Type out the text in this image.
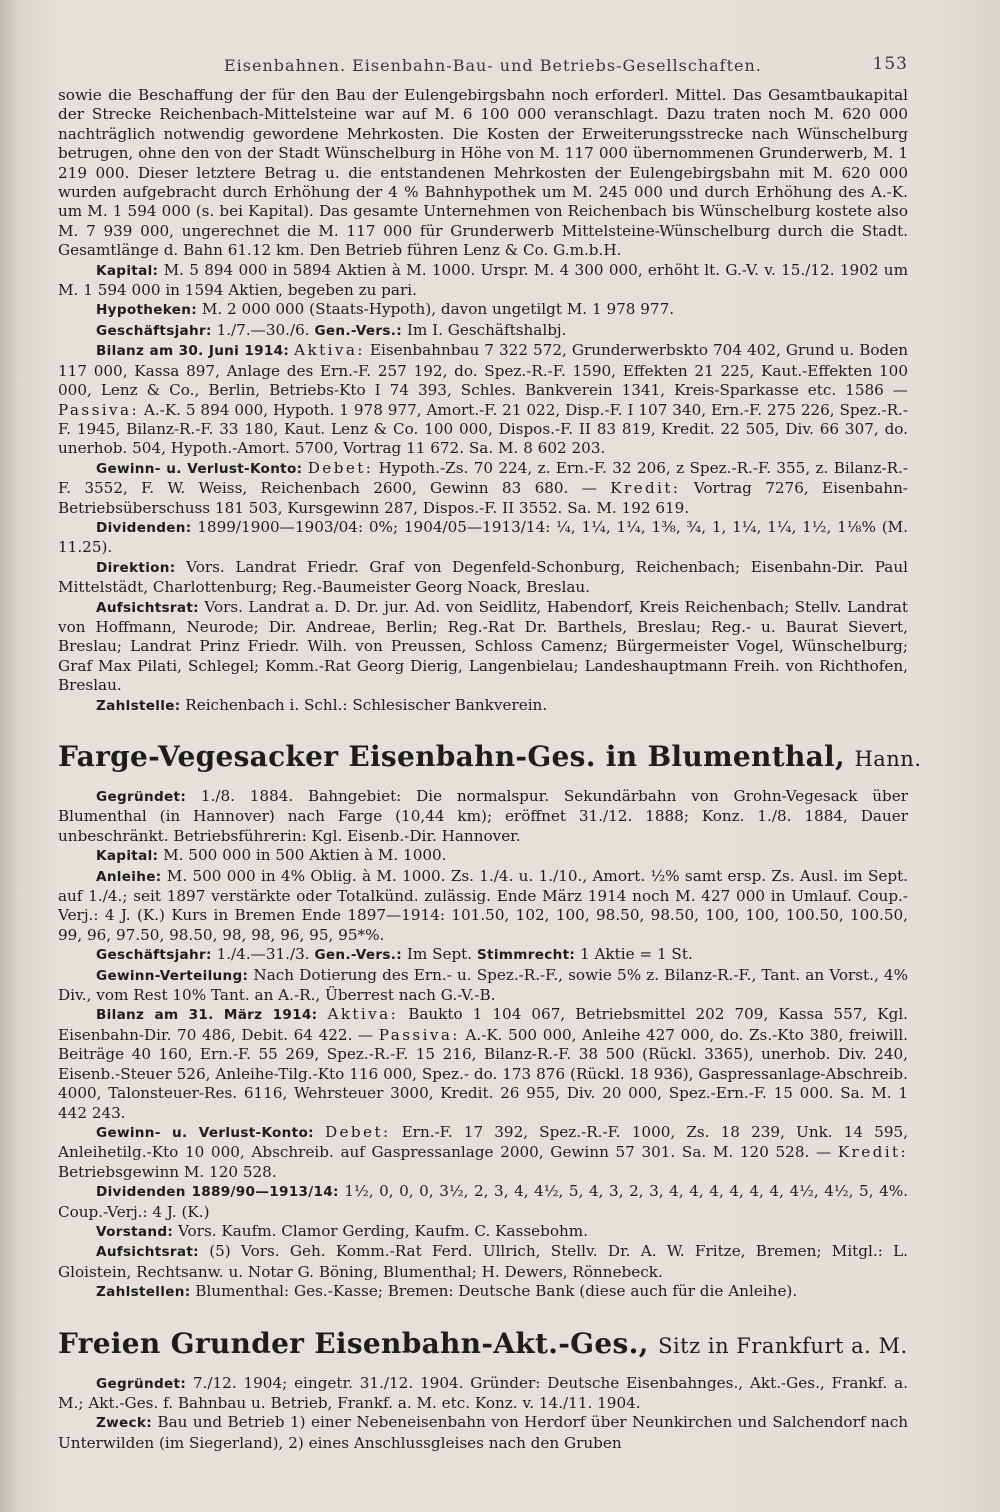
Eisenbahnen. Eisenbahn-Bau- und Betriebs-Gesellschaften.	153

sowie die Beschaffung der für den Bau der Eulengebirgsbahn noch erforderl. Mittel. Das Gesamtbaukapital der Strecke Reichenbach-Mittelsteine war auf M. 6 100 000 veranschlagt. Dazu traten noch M. 620 000 nachträglich notwendig gewordene Mehrkosten. Die Kosten der Erweiterungsstrecke nach Wünschelburg betrugen, ohne den von der Stadt Wünschelburg in Höhe von M. 117 000 übernommenen Grunderwerb, M. 1 219 000. Dieser letztere Betrag u. die entstandenen Mehrkosten der Eulengebirgsbahn mit M. 620 000 wurden aufgebracht durch Erhöhung der 4 % Bahnhypothek um M. 245 000 und durch Erhöhung des A.-K. um M. 1 594 000 (s. bei Kapital). Das gesamte Unternehmen von Reichenbach bis Wünschelburg kostete also M. 7 939 000, ungerechnet die M. 117 000 für Grunderwerb Mittelsteine-Wünschelburg durch die Stadt. Gesamtlänge d. Bahn 61.12 km. Den Betrieb führen Lenz & Co. G.m.b.H.

Kapital: M. 5 894 000 in 5894 Aktien à M. 1000. Urspr. M. 4 300 000, erhöht lt. G.-V. v. 15./12. 1902 um M. 1 594 000 in 1594 Aktien, begeben zu pari.

Hypotheken: M. 2 000 000 (Staats-Hypoth), davon ungetilgt M. 1 978 977.

Geschäftsjahr: 1./7.—30./6. Gen.-Vers.: Im I. Geschäftshalbj.

Bilanz am 30. Juni 1914: Aktiva: Eisenbahnbau 7 322 572, Grunderwerbskto 704 402, Grund u. Boden 117 000, Kassa 897, Anlage des Ern.-F. 257 192, do. Spez.-R.-F. 1590, Effekten 21 225, Kaut.-Effekten 100 000, Lenz & Co., Berlin, Betriebs-Kto I 74 393, Schles. Bankverein 1341, Kreis-Sparkasse etc. 1586 — Passiva: A.-K. 5 894 000, Hypoth. 1 978 977, Amort.-F. 21 022, Disp.-F. I 107 340, Ern.-F. 275 226, Spez.-R.-F. 1945, Bilanz-R.-F. 33 180, Kaut. Lenz & Co. 100 000, Dispos.-F. II 83 819, Kredit. 22 505, Div. 66 307, do. unerhob. 504, Hypoth.-Amort. 5700, Vortrag 11 672. Sa. M. 8 602 203.

Gewinn- u. Verlust-Konto: Debet: Hypoth.-Zs. 70 224, z. Ern.-F. 32 206, z Spez.-R.-F. 355, z. Bilanz-R.-F. 3552, F. W. Weiss, Reichenbach 2600, Gewinn 83 680. — Kredit: Vortrag 7276, Eisenbahn-Betriebsüberschuss 181 503, Kursgewinn 287, Dispos.-F. II 3552. Sa. M. 192 619.

Dividenden: 1899/1900—1903/04: 0%; 1904/05—1913/14: ¼, 1¼, 1¼, 1⅜, ¾, 1, 1¼, 1¼, 1½, 1⅛% (M. 11.25).

Direktion: Vors. Landrat Friedr. Graf von Degenfeld-Schonburg, Reichenbach; Eisenbahn-Dir. Paul Mittelstädt, Charlottenburg; Reg.-Baumeister Georg Noack, Breslau.

Aufsichtsrat: Vors. Landrat a. D. Dr. jur. Ad. von Seidlitz, Habendorf, Kreis Reichenbach; Stellv. Landrat von Hoffmann, Neurode; Dir. Andreae, Berlin; Reg.-Rat Dr. Barthels, Breslau; Reg.- u. Baurat Sievert, Breslau; Landrat Prinz Friedr. Wilh. von Preussen, Schloss Camenz; Bürgermeister Vogel, Wünschelburg; Graf Max Pilati, Schlegel; Komm.-Rat Georg Dierig, Langenbielau; Landeshauptmann Freih. von Richthofen, Breslau.

Zahlstelle: Reichenbach i. Schl.: Schlesischer Bankverein.

Farge-Vegesacker Eisenbahn-Ges. in Blumenthal, Hann.

Gegründet: 1./8. 1884. Bahngebiet: Die normalspur. Sekundärbahn von Grohn-Vegesack über Blumenthal (in Hannover) nach Farge (10,44 km); eröffnet 31./12. 1888; Konz. 1./8. 1884, Dauer unbeschränkt. Betriebsführerin: Kgl. Eisenb.-Dir. Hannover.

Kapital: M. 500 000 in 500 Aktien à M. 1000.

Anleihe: M. 500 000 in 4% Oblig. à M. 1000. Zs. 1./4. u. 1./10., Amort. ½% samt ersp. Zs. Ausl. im Sept. auf 1./4.; seit 1897 verstärkte oder Totalkünd. zulässig. Ende März 1914 noch M. 427 000 in Umlauf. Coup.-Verj.: 4 J. (K.) Kurs in Bremen Ende 1897—1914: 101.50, 102, 100, 98.50, 98.50, 100, 100, 100.50, 100.50, 99, 96, 97.50, 98.50, 98, 98, 96, 95, 95*%.

Geschäftsjahr: 1./4.—31./3. Gen.-Vers.: Im Sept. Stimmrecht: 1 Aktie = 1 St.

Gewinn-Verteilung: Nach Dotierung des Ern.- u. Spez.-R.-F., sowie 5% z. Bilanz-R.-F., Tant. an Vorst., 4% Div., vom Rest 10% Tant. an A.-R., Überrest nach G.-V.-B.

Bilanz am 31. März 1914: Aktiva: Baukto 1 104 067, Betriebsmittel 202 709, Kassa 557, Kgl. Eisenbahn-Dir. 70 486, Debit. 64 422. — Passiva: A.-K. 500 000, Anleihe 427 000, do. Zs.-Kto 380, freiwill. Beiträge 40 160, Ern.-F. 55 269, Spez.-R.-F. 15 216, Bilanz-R.-F. 38 500 (Rückl. 3365), unerhob. Div. 240, Eisenb.-Steuer 526, Anleihe-Tilg.-Kto 116 000, Spez.- do. 173 876 (Rückl. 18 936), Gaspressanlage-Abschreib. 4000, Talonsteuer-Res. 6116, Wehrsteuer 3000, Kredit. 26 955, Div. 20 000, Spez.-Ern.-F. 15 000. Sa. M. 1 442 243.

Gewinn- u. Verlust-Konto: Debet: Ern.-F. 17 392, Spez.-R.-F. 1000, Zs. 18 239, Unk. 14 595, Anleihetilg.-Kto 10 000, Abschreib. auf Gaspressanlage 2000, Gewinn 57 301. Sa. M. 120 528. — Kredit: Betriebsgewinn M. 120 528.

Dividenden 1889/90—1913/14: 1½, 0, 0, 0, 3½, 2, 3, 4, 4½, 5, 4, 3, 2, 3, 4, 4, 4, 4, 4, 4, 4½, 4½, 5, 4%. Coup.-Verj.: 4 J. (K.)

Vorstand: Vors. Kaufm. Clamor Gerding, Kaufm. C. Kassebohm.

Aufsichtsrat: (5) Vors. Geh. Komm.-Rat Ferd. Ullrich, Stellv. Dr. A. W. Fritze, Bremen; Mitgl.: L. Gloistein, Rechtsanw. u. Notar G. Böning, Blumenthal; H. Dewers, Rönnebeck.

Zahlstellen: Blumenthal: Ges.-Kasse; Bremen: Deutsche Bank (diese auch für die Anleihe).

Freien Grunder Eisenbahn-Akt.-Ges., Sitz in Frankfurt a. M.

Gegründet: 7./12. 1904; eingetr. 31./12. 1904. Gründer: Deutsche Eisenbahnges., Akt.-Ges., Frankf. a. M.; Akt.-Ges. f. Bahnbau u. Betrieb, Frankf. a. M. etc. Konz. v. 14./11. 1904.

Zweck: Bau und Betrieb 1) einer Nebeneisenbahn von Herdorf über Neunkirchen und Salchendorf nach Unterwilden (im Siegerland), 2) eines Anschlussgleises nach den Gruben
